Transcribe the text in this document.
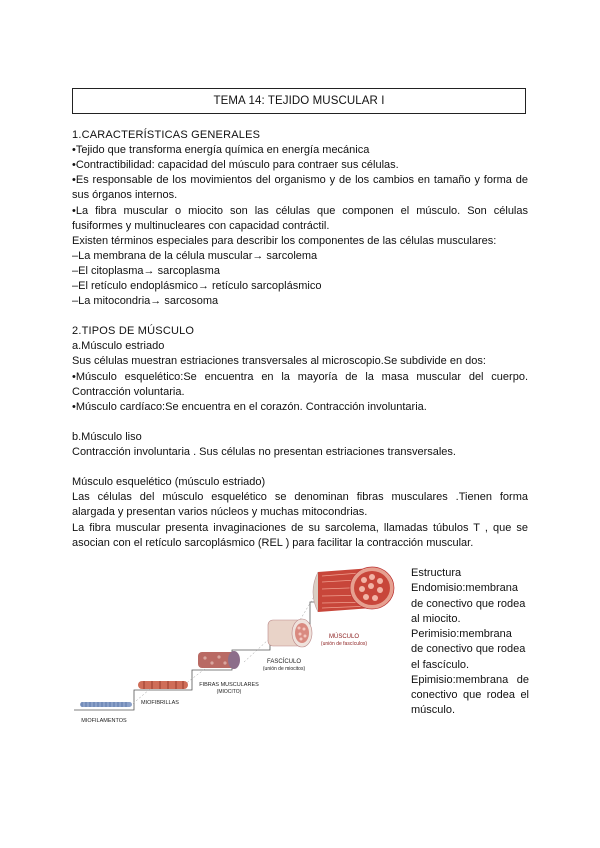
TEMA 14: TEJIDO MUSCULAR I
1.CARACTERÍSTICAS GENERALES
•Tejido que transforma energía química en energía mecánica
•Contractibilidad: capacidad del músculo para contraer sus células.
•Es responsable de los movimientos del organismo y de los cambios en tamaño y forma de
sus órganos internos.
•La fibra muscular o miocito son las células que componen el músculo. Son células
fusiformes y multinucleares con capacidad contráctil.
Existen términos especiales para describir los componentes de las células musculares:
–La membrana de la célula muscular→ sarcolema
–El citoplasma→ sarcoplasma
–El retículo endoplásmico→ retículo sarcoplásmico
–La mitocondria→ sarcosoma
2.TIPOS DE MÚSCULO
a.Músculo estriado
Sus células muestran estriaciones transversales al microscopio.Se subdivide en dos:
•Músculo esquelético:Se encuentra en la mayoría de la masa muscular del cuerpo.
Contracción voluntaria.
•Músculo cardíaco:Se encuentra en el corazón. Contracción involuntaria.
b.Músculo liso
Contracción involuntaria . Sus células no presentan estriaciones transversales.
Músculo esquelético (músculo estriado)
Las células del músculo esquelético se denominan fibras musculares .Tienen forma
alargada y presentan varios núcleos y muchas mitocondrias.
La fibra muscular presenta invaginaciones de su sarcolema, llamadas túbulos T , que se
asocian con el retículo sarcoplásmico (REL ) para facilitar la contracción muscular.
MÚSCULO
(unión de fascículos)
FASCÍCULO
(unión de miocitos)
FIBRAS MUSCULARES
(MIOCITO)
MIOFIBRILLAS
MIOFILAMENTOS
Estructura
Endomisio:membrana
de conectivo que rodea
al miocito.
Perimisio:membrana
de conectivo que rodea
el fascículo.
Epimisio:membrana de
conectivo que rodea el
músculo.
